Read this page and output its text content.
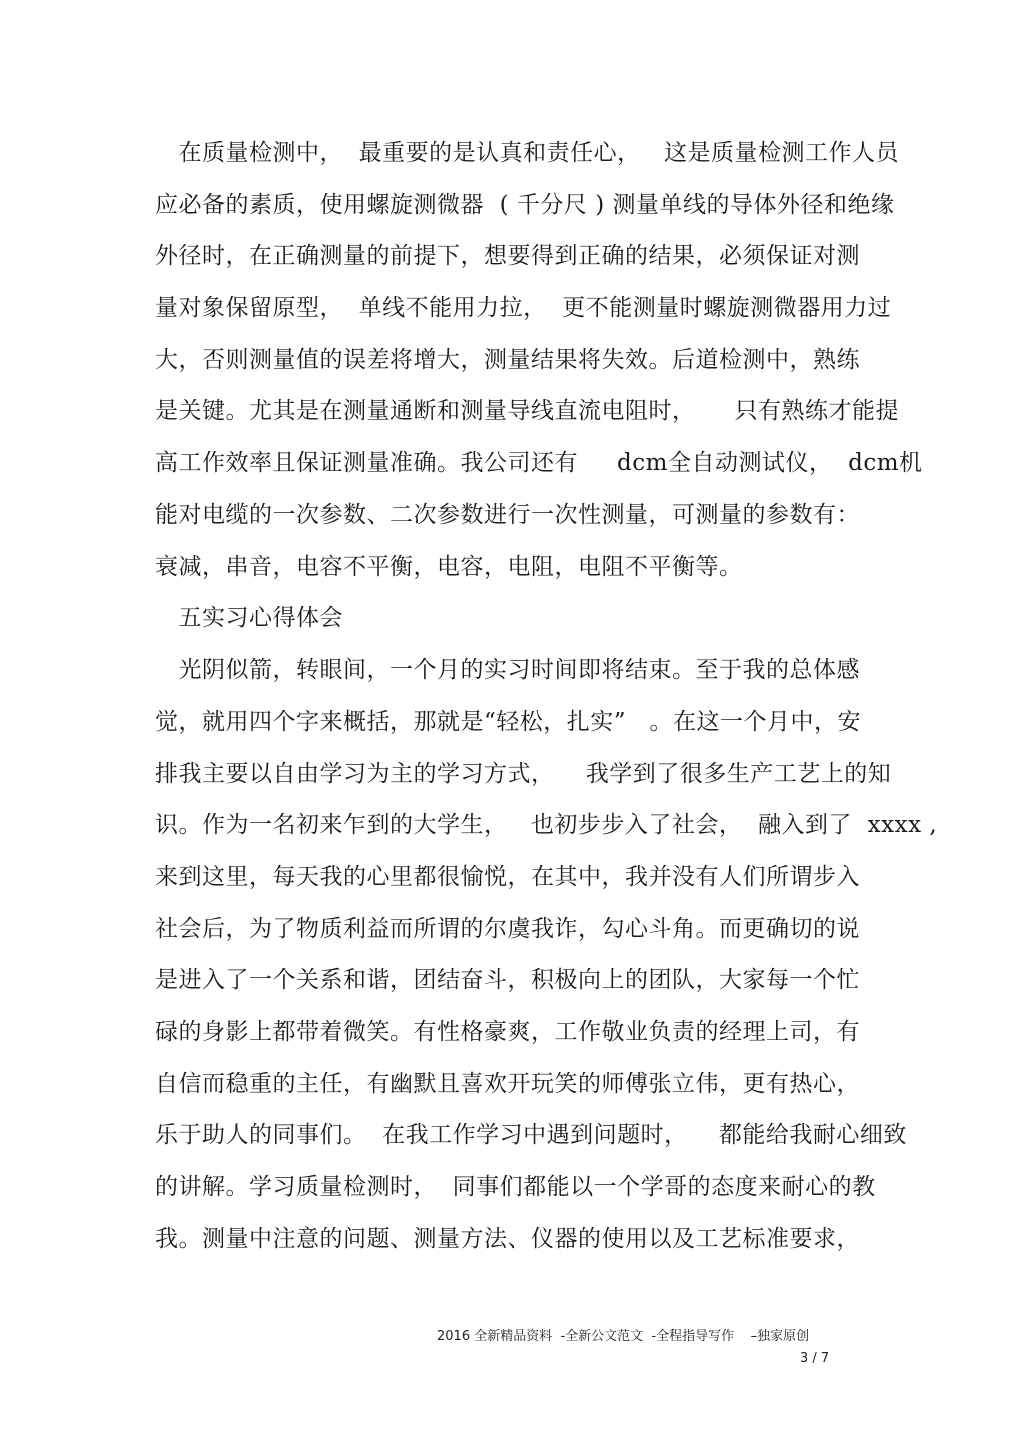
　在质量检测中，  最重要的是认真和责任心，   这是质量检测工作人员
应必备的素质，使用螺旋测微器  ( 千分尺 ) 测量单线的导体外径和绝缘
外径时，在正确测量的前提下，想要得到正确的结果，必须保证对测
量对象保留原型，  单线不能用力拉，  更不能测量时螺旋测微器用力过
大，否则测量值的误差将增大，测量结果将失效。后道检测中，熟练
是关键。尤其是在测量通断和测量导线直流电阻时，     只有熟练才能提
高工作效率且保证测量准确。我公司还有     dcm全自动测试仪，  dcm机
能对电缆的一次参数、二次参数进行一次性测量，可测量的参数有：
衰减，串音，电容不平衡，电容，电阻，电阻不平衡等。
　五实习心得体会
　光阴似箭，转眼间，一个月的实习时间即将结束。至于我的总体感
觉，就用四个字来概括，那就是“轻松，扎实”   。在这一个月中，安
排我主要以自由学习为主的学习方式，    我学到了很多生产工艺上的知
识。作为一名初来乍到的大学生，   也初步步入了社会，  融入到了  xxxx ,
来到这里，每天我的心里都很愉悦，在其中，我并没有人们所谓步入
社会后，为了物质利益而所谓的尔虞我诈，勾心斗角。而更确切的说
是进入了一个关系和谐，团结奋斗，积极向上的团队，大家每一个忙
碌的身影上都带着微笑。有性格豪爽，工作敬业负责的经理上司，有
自信而稳重的主任，有幽默且喜欢开玩笑的师傅张立伟，更有热心，
乐于助人的同事们。  在我工作学习中遇到问题时，    都能给我耐心细致
的讲解。学习质量检测时，  同事们都能以一个学哥的态度来耐心的教
我。测量中注意的问题、测量方法、仪器的使用以及工艺标准要求，
2016 全新精品资料  -全新公文范文  -全程指导写作    –独家原创
3 / 7
